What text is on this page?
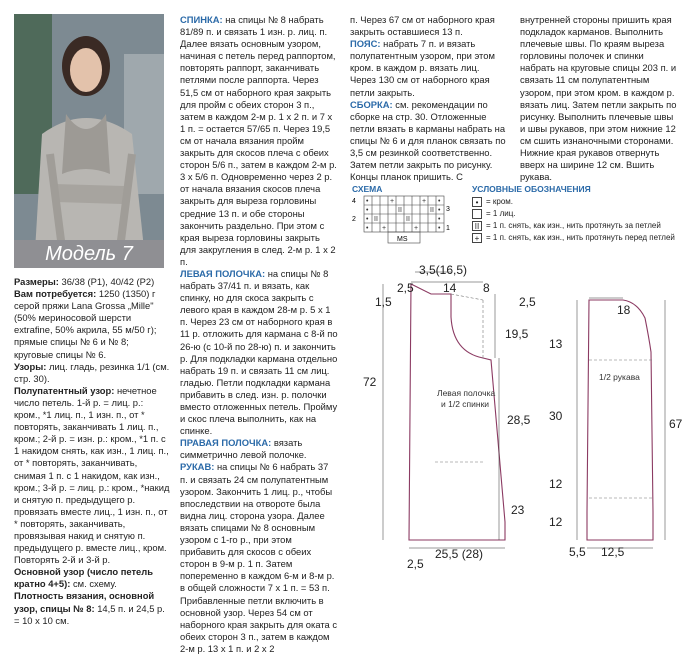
Модель 7

Размеры: 36/38 (Р1), 40/42 (Р2)

Вам потребуется: 1250 (1350) г серой пряжи Lana Grossa „Mille" (50% мериносовой шерсти extrafine, 50% акрила, 55 м/50 г); прямые спицы № 6 и № 8; круговые спицы № 6.

Узоры: лиц. гладь, резинка 1/1 (см. стр. 30).

Полупатентный узор: нечетное число петель. 1-й р. = лиц. р.: кром., *1 лиц. п., 1 изн. п., от * повторять, заканчивать 1 лиц. п., кром.; 2-й р. = изн. р.: кром., *1 п. с 1 накидом снять, как изн., 1 лиц. п., от * повторять, заканчивать, снимая 1 п. с 1 накидом, как изн., кром.; 3-й р. = лиц. р.: кром., *накид и снятую п. предыдущего р. провязать вместе лиц., 1 изн. п., от * повторять, заканчивать, провязывая накид и снятую п. предыдущего р. вместе лиц., кром. Повторять 2-й и 3-й р.

Основной узор (число петель кратно 4+5): см. схему.

Плотность вязания, основной узор, спицы № 8: 14,5 п. и 24,5 р. = 10 х 10 см.

СПИНКА: на спицы № 8 набрать 81/89 п. и связать 1 изн. р. лиц. п. Далее вязать основным узором, начиная с петель перед раппортом, повторять раппорт, заканчивать петлями после раппорта. Через 51,5 см от наборного края закрыть для пройм с обеих сторон 3 п., затем в каждом 2-м р. 1 х 2 п. и 7 х 1 п. = остается 57/65 п. Через 19,5 см от начала вязания пройм закрыть для скосов плеча с обеих сторон 5/6 п., затем в каждом 2-м р. 3 х 5/6 п. Одновременно через 2 р. от начала вязания скосов плеча закрыть для выреза горловины средние 13 п. и обе стороны закончить раздельно. При этом с края выреза горловины закрыть для закругления в след. 2-м р. 1 х 2 п.

ЛЕВАЯ ПОЛОЧКА: на спицы № 8 набрать 37/41 п. и вязать, как спинку, но для скоса закрыть с левого края в каждом 28-м р. 5 х 1 п. Через 23 см от наборного края в 11 р. отложить для кармана с 8-й по 26-ю (с 10-й по 28-ю) п. и закончить р. Для подкладки кармана отдельно набрать 19 п. и связать 11 см лиц. гладью. Петли подкладки кармана прибавить в след. изн. р. полочки вместо отложенных петель. Пройму и скос плеча выполнить, как на спинке.

ПРАВАЯ ПОЛОЧКА: вязать симметрично левой полочке.

РУКАВ: на спицы № 6 набрать 37 п. и связать 24 см полупатентным узором. Закончить 1 лиц. р., чтобы впоследствии на отвороте была видна лиц. сторона узора. Далее вязать спицами № 8 основным узором с 1-го р., при этом прибавить для скосов с обеих сторон в 9-м р. 1 п. Затем попеременно в каждом 6-м и 8-м р. в общей сложности 7 х 1 п. = 53 п. Прибавленные петли включить в основной узор. Через 54 см от наборного края закрыть для оката с обеих сторон 3 п., затем в каждом 2-м р. 13 х 1 п. и 2 х 2

п. Через 67 см от наборного края закрыть оставшиеся 13 п.

ПОЯС: набрать 7 п. и вязать полупатентным узором, при этом кром. в каждом р. вязать лиц. Через 130 см от наборного края петли закрыть.

СБОРКА: см. рекомендации по сборке на стр. 30. Отложенные петли вязать в карманы набрать на спицы № 6 и для планок связать по 3,5 см резинкой соответственно. Затем петли закрыть по рисунку. Концы планок пришить. С

внутренней стороны пришить края подкладок карманов. Выполнить плечевые швы. По краям выреза горловины полочек и спинки набрать на круговые спицы 203 п. и связать 11 см полупатентным узором, при этом кром. в каждом р. вязать лиц. Затем петли закрыть по рисунку. Выполнить плечевые швы и швы рукавов, при этом нижние 12 см сшить изнаночными сторонами. Нижние края рукавов отвернуть вверх на ширине 12 см. Вшить рукава.

СХЕМА
4
2
3
1
•
•
•
•
•
•
•
•
+	+
II	II
II	II
+	+
MS
УСЛОВНЫЕ ОБОЗНАЧЕНИЯ
• = кром.
= 1 лиц.
II = 1 п. снять, как изн., нить протянуть за петлей
+ = 1 п. снять, как изн., нить протянуть перед петлей
3,5(16,5)
2,5 14 8
1,5	2,5
19,5
72
28,5
23
25,5 (28)
2,5
Левая полочка
и 1/2 спинки
18
13
30
12
12
67
5,5 12,5
1/2 рукава
